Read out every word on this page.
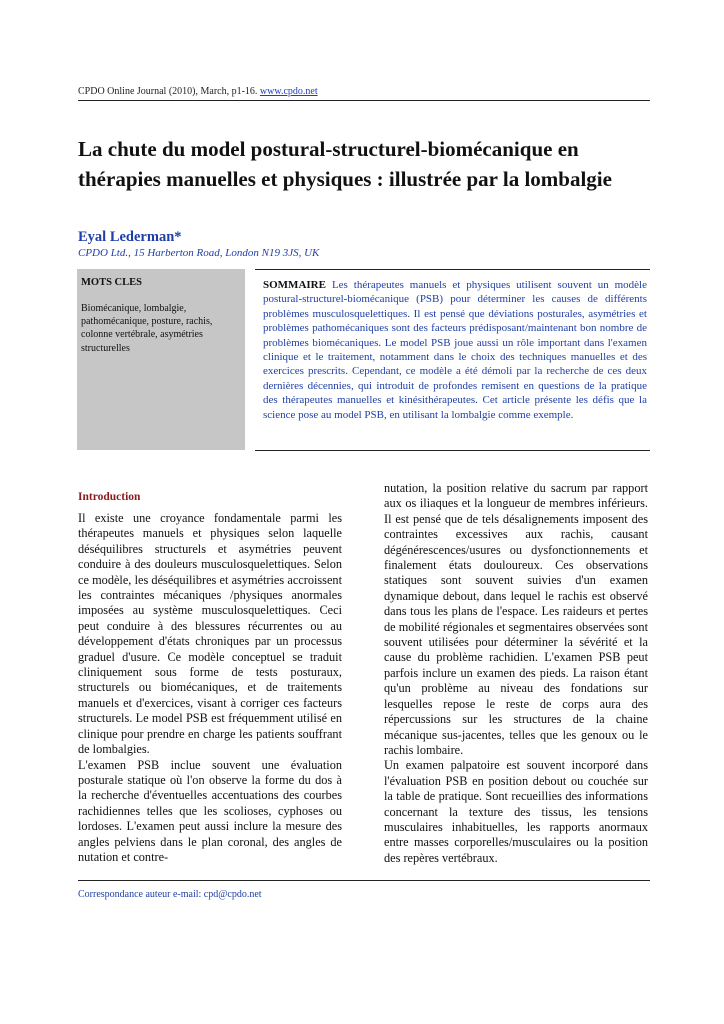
CPDO Online Journal (2010), March, p1-16. www.cpdo.net
La chute du model postural-structurel-biomécanique en thérapies manuelles et physiques : illustrée par la lombalgie
Eyal Lederman*
CPDO Ltd., 15 Harberton Road, London N19 3JS, UK
MOTS CLES
Biomécanique, lombalgie, pathomécanique, posture, rachis, colonne vertébrale, asymétries structurelles
SOMMAIRE Les thérapeutes manuels et physiques utilisent souvent un modèle postural-structurel-biomécanique (PSB) pour déterminer les causes de différents problèmes musculosquelettiques. Il est pensé que déviations posturales, asymétries et problèmes pathomécaniques sont des facteurs prédisposant/maintenant bon nombre de problèmes biomécaniques. Le model PSB joue aussi un rôle important dans l'examen clinique et le traitement, notamment dans le choix des techniques manuelles et des exercices prescrits. Cependant, ce modèle a été démoli par la recherche de ces deux dernières décennies, qui introduit de profondes remisent en questions de la pratique des thérapeutes manuelles et kinésithérapeutes. Cet article présente les défis que la science pose au model PSB, en utilisant la lombalgie comme exemple.
Introduction

Il existe une croyance fondamentale parmi les thérapeutes manuels et physiques selon laquelle déséquilibres structurels et asymétries peuvent conduire à des douleurs musculosquelettiques. Selon ce modèle, les déséquilibres et asymétries accroissent les contraintes mécaniques /physiques anormales imposées au système musculosquelettiques. Ceci peut conduire à des blessures récurrentes ou au développement d'états chroniques par un processus graduel d'usure. Ce modèle conceptuel se traduit cliniquement sous forme de tests posturaux, structurels ou biomécaniques, et de traitements manuels et d'exercices, visant à corriger ces facteurs structurels. Le model PSB est fréquemment utilisé en clinique pour prendre en charge les patients souffrant de lombalgies.

L'examen PSB inclue souvent une évaluation posturale statique où l'on observe la forme du dos à la recherche d'éventuelles accentuations des courbes rachidiennes telles que les scolioses, cyphoses ou lordoses. L'examen peut aussi inclure la mesure des angles pelviens dans le plan coronal, des angles de nutation et contre-

nutation, la position relative du sacrum par rapport aux os iliaques et la longueur de membres inférieurs. Il est pensé que de tels désalignements imposent des contraintes excessives aux rachis, causant dégénérescences/usures ou dysfonctionnements et finalement états douloureux. Ces observations statiques sont souvent suivies d'un examen dynamique debout, dans lequel le rachis est observé dans tous les plans de l'espace. Les raideurs et pertes de mobilité régionales et segmentaires observées sont souvent utilisées pour déterminer la sévérité et la cause du problème rachidien. L'examen PSB peut parfois inclure un examen des pieds. La raison étant qu'un problème au niveau des fondations sur lesquelles repose le reste de corps aura des répercussions sur les structures de la chaine mécanique sus-jacentes, telles que les genoux ou le rachis lombaire.

Un examen palpatoire est souvent incorporé dans l'évaluation PSB en position debout ou couchée sur la table de pratique. Sont recueillies des informations concernant la texture des tissus, les tensions musculaires inhabituelles, les rapports anormaux entre masses corporelles/musculaires ou la position des repères vertébraux.

Correspondance auteur e-mail: cpd@cpdo.net
